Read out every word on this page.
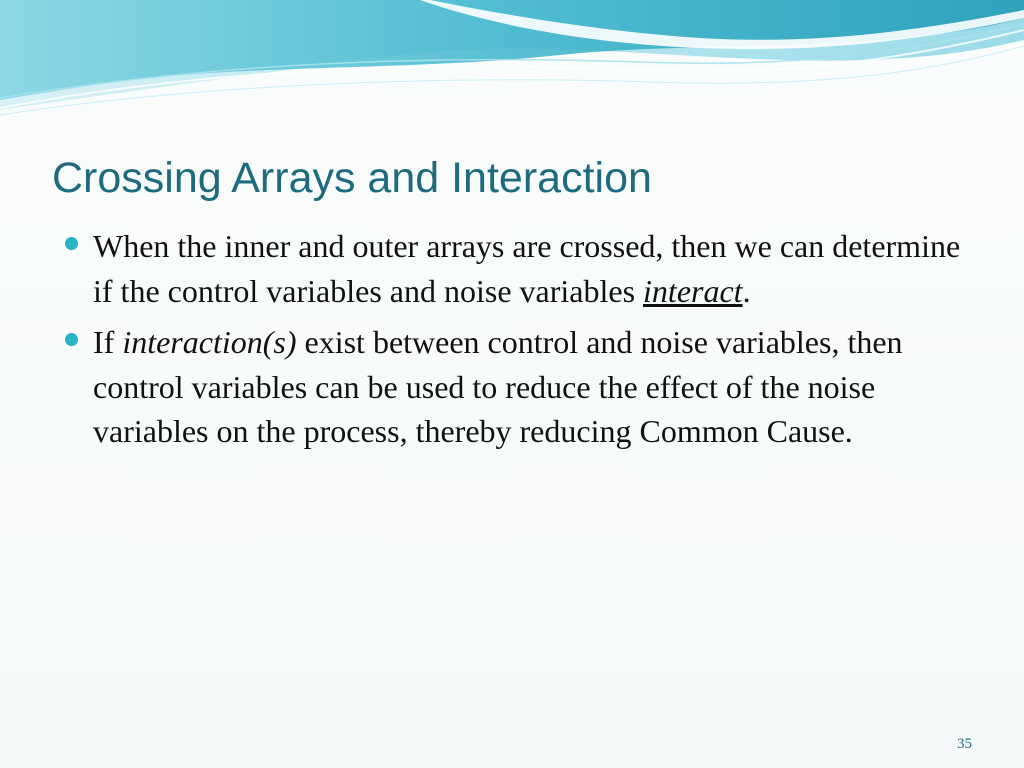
Crossing Arrays and Interaction
When the inner and outer arrays are crossed, then we can determine if the control variables and noise variables interact.
If interaction(s) exist between control and noise variables, then control variables can be used to reduce the effect of the noise variables on the process, thereby reducing Common Cause.
35
